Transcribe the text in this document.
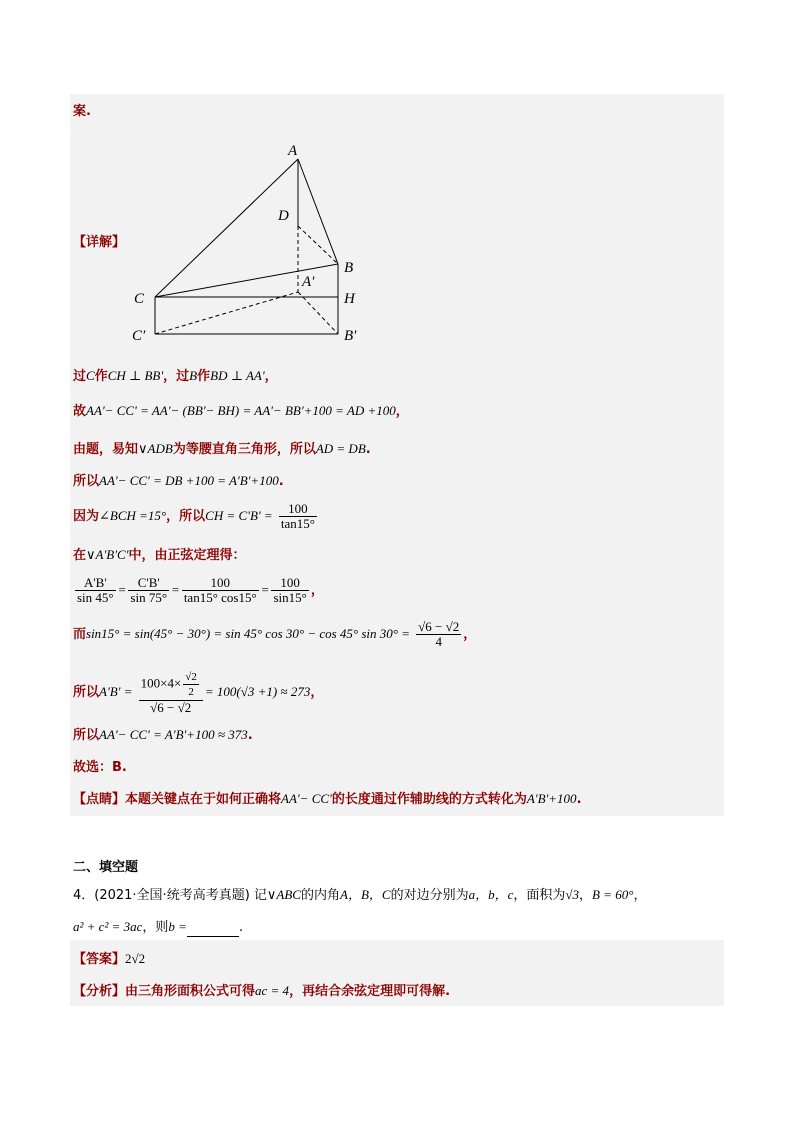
案.
【详解】
A
D
B
A′
C	H
C′	B′
过C作CH ⊥ BB'，过B作BD ⊥ AA'，
故AA'− CC' = AA'− (BB'− BH) = AA'− BB'+100 = AD +100，
由题，易知∨ADB为等腰直角三角形，所以AD = DB.
所以AA'− CC' = DB +100 = A'B'+100.
因为∠BCH =15°，所以CH = $C'B' = \frac{100}{\tan 15^\circ}$
在∨A'B'C'中，由正弦定理得：
$\frac{A'B'}{\sin 45^\circ} = \frac{C'B'}{\sin 75^\circ} = \frac{100}{\tan 15^\circ \cos 15^\circ} = \frac{100}{\sin 15^\circ}$ ，
而sin15° = sin(45° − 30°) = sin 45° cos 30° − cos 45° $\sin 30^\circ = \frac{√6 - √2}{4}$ ，
所以$A'B' = \frac{100\times 4\times \frac{√2}{2}}{√6 - √2} = 100(√3 +1) \approx 273$，
所以AA'− CC' = A'B'+100 ≈ 373.
故选：B.
【点睛】本题关键点在于如何正确将AA'− CC'的长度通过作辅助线的方式转化为A'B'+100.
二、填空题
4．(2021·全国·统考高考真题) 记∨ABC的内角A，B，C的对边分别为a，b，c，面积为√3，B = 60°，
a² + c² = 3ac，则b =	.
【答案】2√2
【分析】由三角形面积公式可得ac = 4，再结合余弦定理即可得解.
